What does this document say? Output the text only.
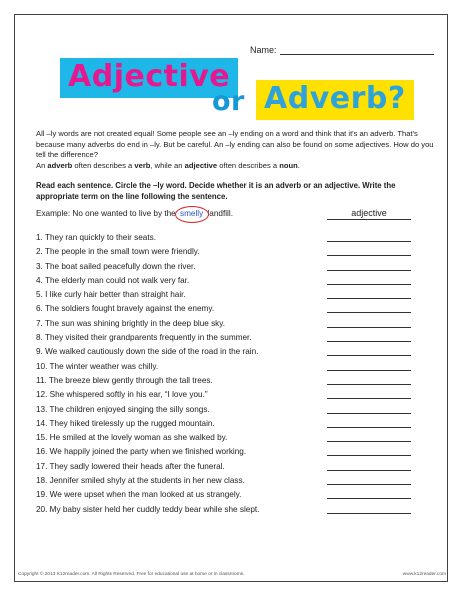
Name:
Adjective
or Adverb?

All –ly words are not created equal! Some people see an –ly ending on a word and think that it's an adverb. That's because many adverbs do end in –ly. But be careful. An –ly ending can also be found on some adjectives. How do you tell the difference?

An adverb often describes a verb, while an adjective often describes a noun.

Read each sentence. Circle the –ly word. Decide whether it is an adverb or an adjective. Write the appropriate term on the line following the sentence.
Example: No one wanted to live by the
smelly landfill.	adjective
1. They ran quickly to their seats.
2. The people in the small town were friendly.
3. The boat sailed peacefully down the river.
4. The elderly man could not walk very far.
5. I like curly hair better than straight hair.
6. The soldiers fought bravely against the enemy.
7. The sun was shining brightly in the deep blue sky.
8. They visited their grandparents frequently in the summer.
9. We walked cautiously down the side of the road in the rain.
10. The winter weather was chilly.
11. The breeze blew gently through the tall trees.
12. She whispered softly in his ear, “I love you.”
13. The children enjoyed singing the silly songs.
14. They hiked tirelessly up the rugged mountain.
15. He smiled at the lovely woman as she walked by.
16. We happily joined the party when we finished working.
17. They sadly lowered their heads after the funeral.
18. Jennifer smiled shyly at the students in her new class.
19. We were upset when the man looked at us strangely.
20. My baby sister held her cuddly teddy bear while she slept.
Copyright © 2013 K12reader.com. All Rights Reserved. Free for educational use at home or in classrooms.	www.k12reader.com
